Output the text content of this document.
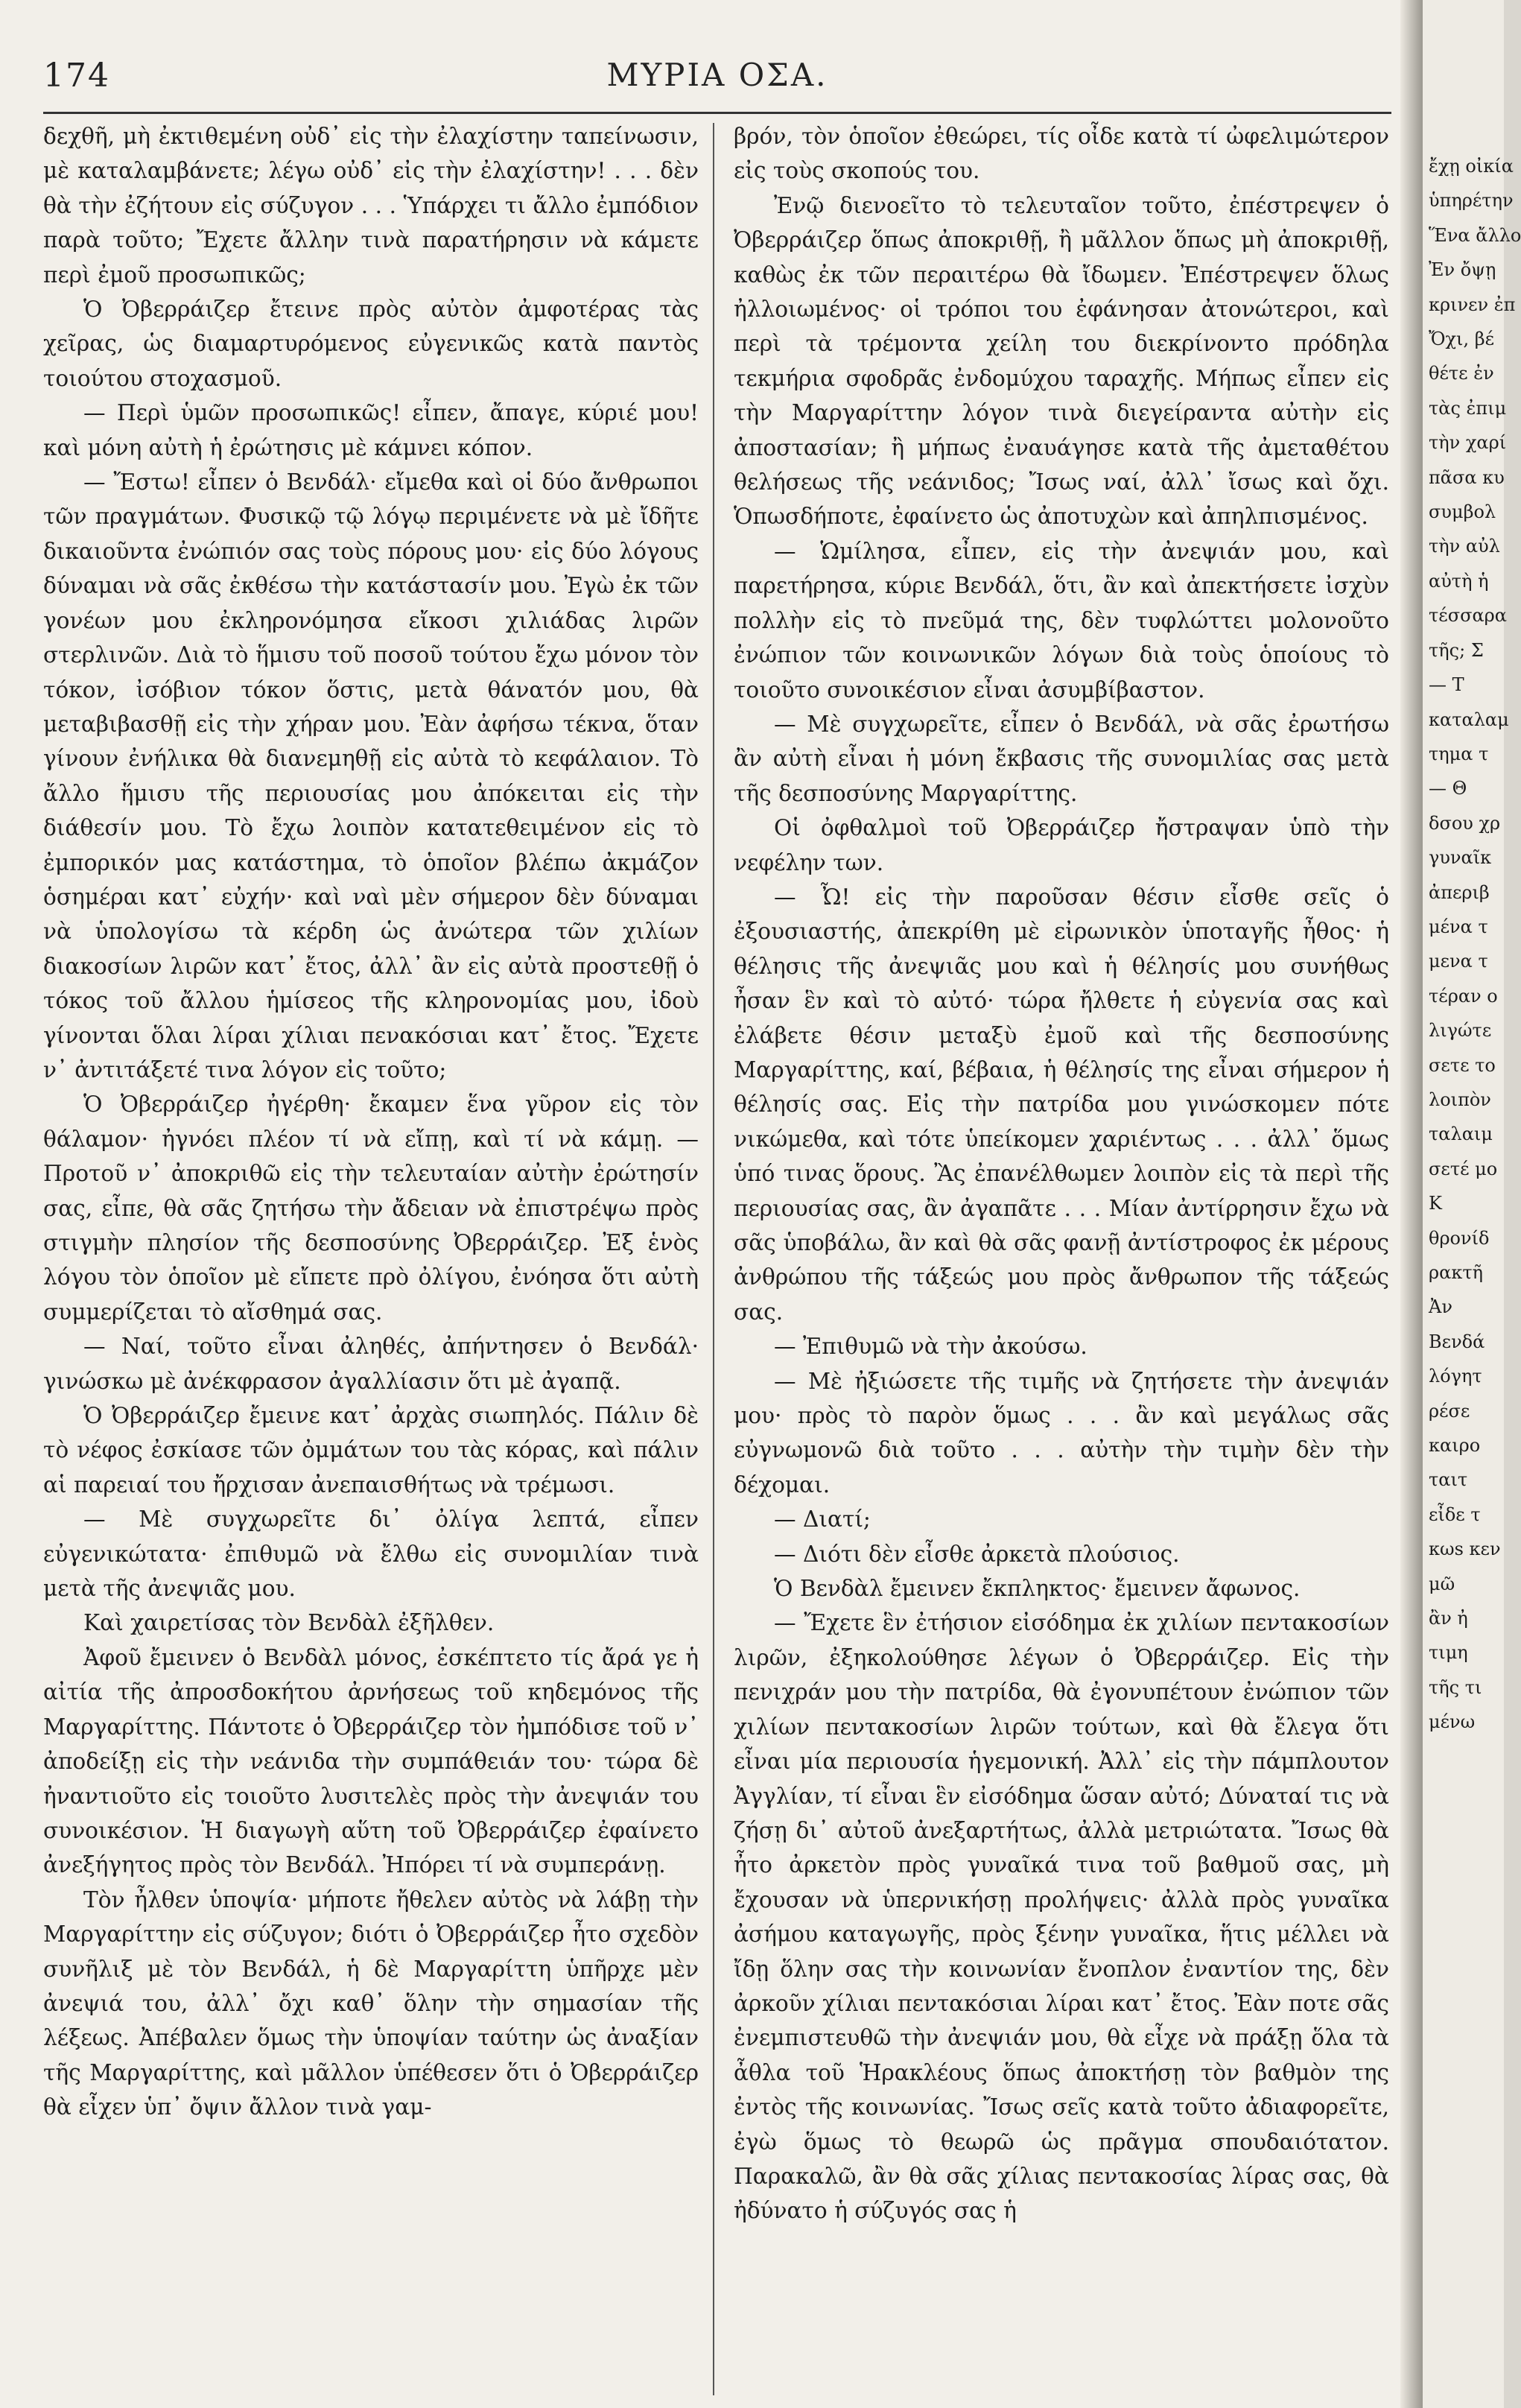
174	ΜΥΡΙΑ ΟΣΑ.

δεχθῆ, μὴ ἐκτιθεμένη οὐδ᾿ εἰς τὴν ἐλαχίστην ταπείνωσιν, μὲ καταλαμβάνετε; λέγω οὐδ᾿ εἰς τὴν ἐλαχίστην! . . . δὲν θὰ τὴν ἐζήτουν εἰς σύζυγον . . . Ὑπάρχει τι ἄλλο ἐμπόδιον παρὰ τοῦτο; Ἔχετε ἄλλην τινὰ παρατήρησιν νὰ κάμετε περὶ ἐμοῦ προσωπικῶς;

Ὁ Ὀβερράιζερ ἔτεινε πρὸς αὐτὸν ἀμφοτέρας τὰς χεῖρας, ὡς διαμαρτυρόμενος εὐγενικῶς κατὰ παντὸς τοιούτου στοχασμοῦ.

— Περὶ ὑμῶν προσωπικῶς! εἶπεν, ἄπαγε, κύριέ μου! καὶ μόνη αὐτὴ ἡ ἐρώτησις μὲ κάμνει κόπον.

— Ἔστω! εἶπεν ὁ Βενδάλ· εἴμεθα καὶ οἱ δύο ἄνθρωποι τῶν πραγμάτων. Φυσικῷ τῷ λόγῳ περιμένετε νὰ μὲ ἴδῆτε δικαιοῦντα ἐνώπιόν σας τοὺς πόρους μου· εἰς δύο λόγους δύναμαι νὰ σᾶς ἐκθέσω τὴν κατάστασίν μου. Ἐγὼ ἐκ τῶν γονέων μου ἐκληρονόμησα εἴκοσι χιλιάδας λιρῶν στερλινῶν. Διὰ τὸ ἥμισυ τοῦ ποσοῦ τούτου ἔχω μόνον τὸν τόκον, ἰσόβιον τόκον ὅστις, μετὰ θάνατόν μου, θὰ μεταβιβασθῇ εἰς τὴν χήραν μου. Ἐὰν ἀφήσω τέκνα, ὅταν γίνουν ἐνήλικα θὰ διανεμηθῇ εἰς αὐτὰ τὸ κεφάλαιον. Τὸ ἄλλο ἥμισυ τῆς περιουσίας μου ἀπόκειται εἰς τὴν διάθεσίν μου. Τὸ ἔχω λοιπὸν κατατεθειμένον εἰς τὸ ἐμπορικόν μας κατάστημα, τὸ ὁποῖον βλέπω ἀκμάζον ὁσημέραι κατ᾿ εὐχήν· καὶ ναὶ μὲν σήμερον δὲν δύναμαι νὰ ὑπολογίσω τὰ κέρδη ὡς ἀνώτερα τῶν χιλίων διακοσίων λιρῶν κατ᾿ ἔτος, ἀλλ᾿ ἂν εἰς αὐτὰ προστεθῇ ὁ τόκος τοῦ ἄλλου ἡμίσεος τῆς κληρονομίας μου, ἰδοὺ γίνονται ὅλαι λίραι χίλιαι πενακόσιαι κατ᾿ ἔτος. Ἔχετε ν᾿ ἀντιτάξετέ τινα λόγον εἰς τοῦτο;

Ὁ Ὀβερράιζερ ἠγέρθη· ἔκαμεν ἕνα γῦρον εἰς τὸν θάλαμον· ἠγνόει πλέον τί νὰ εἴπῃ, καὶ τί νὰ κάμῃ. — Προτοῦ ν᾿ ἀποκριθῶ εἰς τὴν τελευταίαν αὐτὴν ἐρώτησίν σας, εἶπε, θὰ σᾶς ζητήσω τὴν ἄδειαν νὰ ἐπιστρέψω πρὸς στιγμὴν πλησίον τῆς δεσποσύνης Ὀβερράιζερ. Ἐξ ἑνὸς λόγου τὸν ὁποῖον μὲ εἴπετε πρὸ ὀλίγου, ἐνόησα ὅτι αὐτὴ συμμερίζεται τὸ αἴσθημά σας.

— Ναί, τοῦτο εἶναι ἀληθές, ἀπήντησεν ὁ Βενδάλ· γινώσκω μὲ ἀνέκφρασον ἀγαλλίασιν ὅτι μὲ ἀγαπᾷ.

Ὁ Ὀβερράιζερ ἔμεινε κατ᾿ ἀρχὰς σιωπηλός. Πάλιν δὲ τὸ νέφος ἐσκίασε τῶν ὀμμάτων του τὰς κόρας, καὶ πάλιν αἱ παρειαί του ἤρχισαν ἀνεπαισθήτως νὰ τρέμωσι.

— Μὲ συγχωρεῖτε δι᾿ ὀλίγα λεπτά, εἶπεν εὐγενικώτατα· ἐπιθυμῶ νὰ ἔλθω εἰς συνομιλίαν τινὰ μετὰ τῆς ἀνεψιᾶς μου.

Καὶ χαιρετίσας τὸν Βενδὰλ ἐξῆλθεν.

Ἀφοῦ ἔμεινεν ὁ Βενδὰλ μόνος, ἐσκέπτετο τίς ἄρά γε ἡ αἰτία τῆς ἀπροσδοκήτου ἀρνήσεως τοῦ κηδεμόνος τῆς Μαργαρίττης. Πάντοτε ὁ Ὀβερράιζερ τὸν ἠμπόδισε τοῦ ν᾿ ἀποδείξῃ εἰς τὴν νεάνιδα τὴν συμπάθειάν του· τώρα δὲ ἠναντιοῦτο εἰς τοιοῦτο λυσιτελὲς πρὸς τὴν ἀνεψιάν του συνοικέσιον. Ἡ διαγωγὴ αὕτη τοῦ Ὀβερράιζερ ἐφαίνετο ἀνεξήγητος πρὸς τὸν Βενδάλ. Ἠπόρει τί νὰ συμπεράνῃ.

Τὸν ἦλθεν ὑποψία· μήποτε ἤθελεν αὐτὸς νὰ λάβῃ τὴν Μαργαρίττην εἰς σύζυγον; διότι ὁ Ὀβερράιζερ ἦτο σχεδὸν συνῆλιξ μὲ τὸν Βενδάλ, ἡ δὲ Μαργαρίττη ὑπῆρχε μὲν ἀνεψιά του, ἀλλ᾿ ὄχι καθ᾿ ὅλην τὴν σημασίαν τῆς λέξεως. Ἀπέβαλεν ὅμως τὴν ὑποψίαν ταύτην ὡς ἀναξίαν τῆς Μαργαρίττης, καὶ μᾶλλον ὑπέθεσεν ὅτι ὁ Ὀβερράιζερ θὰ εἶχεν ὑπ᾿ ὄψιν ἄλλον τινὰ γαμ-

βρόν, τὸν ὁποῖον ἐθεώρει, τίς οἶδε κατὰ τί ὠφελιμώτερον εἰς τοὺς σκοπούς του.

Ἐνῷ διενοεῖτο τὸ τελευταῖον τοῦτο, ἐπέστρεψεν ὁ Ὀβερράιζερ ὅπως ἀποκριθῇ, ἢ μᾶλλον ὅπως μὴ ἀποκριθῇ, καθὼς ἐκ τῶν περαιτέρω θὰ ἴδωμεν. Ἐπέστρεψεν ὅλως ἠλλοιωμένος· οἱ τρόποι του ἐφάνησαν ἀτονώτεροι, καὶ περὶ τὰ τρέμοντα χείλη του διεκρίνοντο πρόδηλα τεκμήρια σφοδρᾶς ἐνδομύχου ταραχῆς. Μήπως εἶπεν εἰς τὴν Μαργαρίττην λόγον τινὰ διεγείραντα αὐτὴν εἰς ἀποστασίαν; ἢ μήπως ἐναυάγησε κατὰ τῆς ἀμεταθέτου θελήσεως τῆς νεάνιδος; Ἴσως ναί, ἀλλ᾿ ἴσως καὶ ὄχι. Ὁπωσδήποτε, ἐφαίνετο ὡς ἀποτυχὼν καὶ ἀπηλπισμένος.

— Ὡμίλησα, εἶπεν, εἰς τὴν ἀνεψιάν μου, καὶ παρετήρησα, κύριε Βενδάλ, ὅτι, ἂν καὶ ἀπεκτήσετε ἰσχὺν πολλὴν εἰς τὸ πνεῦμά της, δὲν τυφλώττει μολονοῦτο ἐνώπιον τῶν κοινωνικῶν λόγων διὰ τοὺς ὁποίους τὸ τοιοῦτο συνοικέσιον εἶναι ἀσυμβίβαστον.

— Μὲ συγχωρεῖτε, εἶπεν ὁ Βενδάλ, νὰ σᾶς ἐρωτήσω ἂν αὐτὴ εἶναι ἡ μόνη ἔκβασις τῆς συνομιλίας σας μετὰ τῆς δεσποσύνης Μαργαρίττης.

Οἱ ὀφθαλμοὶ τοῦ Ὀβερράιζερ ἤστραψαν ὑπὸ τὴν νεφέλην των.

— Ὦ! εἰς τὴν παροῦσαν θέσιν εἶσθε σεῖς ὁ ἐξουσιαστής, ἀπεκρίθη μὲ εἰρωνικὸν ὑποταγῆς ἦθος· ἡ θέλησις τῆς ἀνεψιᾶς μου καὶ ἡ θέλησίς μου συνήθως ἦσαν ἓν καὶ τὸ αὐτό· τώρα ἤλθετε ἡ εὐγενία σας καὶ ἐλάβετε θέσιν μεταξὺ ἐμοῦ καὶ τῆς δεσποσύνης Μαργαρίττης, καί, βέβαια, ἡ θέλησίς της εἶναι σήμερον ἡ θέλησίς σας. Εἰς τὴν πατρίδα μου γινώσκομεν πότε νικώμεθα, καὶ τότε ὑπείκομεν χαριέντως . . . ἀλλ᾿ ὅμως ὑπό τινας ὅρους. Ἂς ἐπανέλθωμεν λοιπὸν εἰς τὰ περὶ τῆς περιουσίας σας, ἂν ἀγαπᾶτε . . . Μίαν ἀντίρρησιν ἔχω νὰ σᾶς ὑποβάλω, ἂν καὶ θὰ σᾶς φανῇ ἀντίστροφος ἐκ μέρους ἀνθρώπου τῆς τάξεώς μου πρὸς ἄνθρωπον τῆς τάξεώς σας.

— Ἐπιθυμῶ νὰ τὴν ἀκούσω.

— Μὲ ἠξιώσετε τῆς τιμῆς νὰ ζητήσετε τὴν ἀνεψιάν μου· πρὸς τὸ παρὸν ὅμως . . . ἂν καὶ μεγάλως σᾶς εὐγνωμονῶ διὰ τοῦτο . . . αὐτὴν τὴν τιμὴν δὲν τὴν δέχομαι.

— Διατί;

— Διότι δὲν εἶσθε ἀρκετὰ πλούσιος.

Ὁ Βενδὰλ ἔμεινεν ἔκπληκτος· ἔμεινεν ἄφωνος.

— Ἔχετε ἓν ἐτήσιον εἰσόδημα ἐκ χιλίων πεντακοσίων λιρῶν, ἐξηκολούθησε λέγων ὁ Ὀβερράιζερ. Εἰς τὴν πενιχράν μου τὴν πατρίδα, θὰ ἐγονυπέτουν ἐνώπιον τῶν χιλίων πεντακοσίων λιρῶν τούτων, καὶ θὰ ἔλεγα ὅτι εἶναι μία περιουσία ἡγεμονική. Ἀλλ᾿ εἰς τὴν πάμπλουτον Ἀγγλίαν, τί εἶναι ἓν εἰσόδημα ὥσαν αὐτό; Δύναταί τις νὰ ζήσῃ δι᾿ αὐτοῦ ἀνεξαρτήτως, ἀλλὰ μετριώτατα. Ἴσως θὰ ἦτο ἀρκετὸν πρὸς γυναῖκά τινα τοῦ βαθμοῦ σας, μὴ ἔχουσαν νὰ ὑπερνικήσῃ προλήψεις· ἀλλὰ πρὸς γυναῖκα ἀσήμου καταγωγῆς, πρὸς ξένην γυναῖκα, ἥτις μέλλει νὰ ἴδῃ ὅλην σας τὴν κοινωνίαν ἔνοπλον ἐναντίον της, δὲν ἀρκοῦν χίλιαι πεντακόσιαι λίραι κατ᾿ ἔτος. Ἐὰν ποτε σᾶς ἐνεμπιστευθῶ τὴν ἀνεψιάν μου, θὰ εἶχε νὰ πράξῃ ὅλα τὰ ἆθλα τοῦ Ἡρακλέους ὅπως ἀποκτήσῃ τὸν βαθμὸν της ἐντὸς τῆς κοινωνίας. Ἴσως σεῖς κατὰ τοῦτο ἀδιαφορεῖτε, ἐγὼ ὅμως τὸ θεωρῶ ὡς πρᾶγμα σπουδαιότατον. Παρακαλῶ, ἂν θὰ σᾶς χίλιας πεντακοσίας λίρας σας, θὰ ἠδύνατο ἡ σύζυγός σας ἡ

ἔχῃ οἰκία
ὑπηρέτην
Ἕνα ἄλλο
Ἐν ὄψῃ
κρινεν ἐπ
Ὄχι, βέ
θέτε ἐν
τὰς ἐπιμ
τὴν χαρί
πᾶσα κυ
συμβολ
τὴν αὐλ
αὐτὴ ἡ
τέσσαρα
τῆς; Σ
— Τ
καταλαμ
τημα τ
— Θ
δσου χρ
γυναῖκ
ἀπεριβ
μένα τ
μενα τ
τέραν ο
λιγώτε
σετε το
λοιπὸν
ταλαιμ
σετέ μο
Κ
θρονίδ
ρακτῆ
Ἀν
Βενδά
λόγητ
ρέσε
καιρο
ταιτ
εἶδε τ
κωs κεν
μῶ
ἂν ἠ
τιμη
τῆς τι
μένω
